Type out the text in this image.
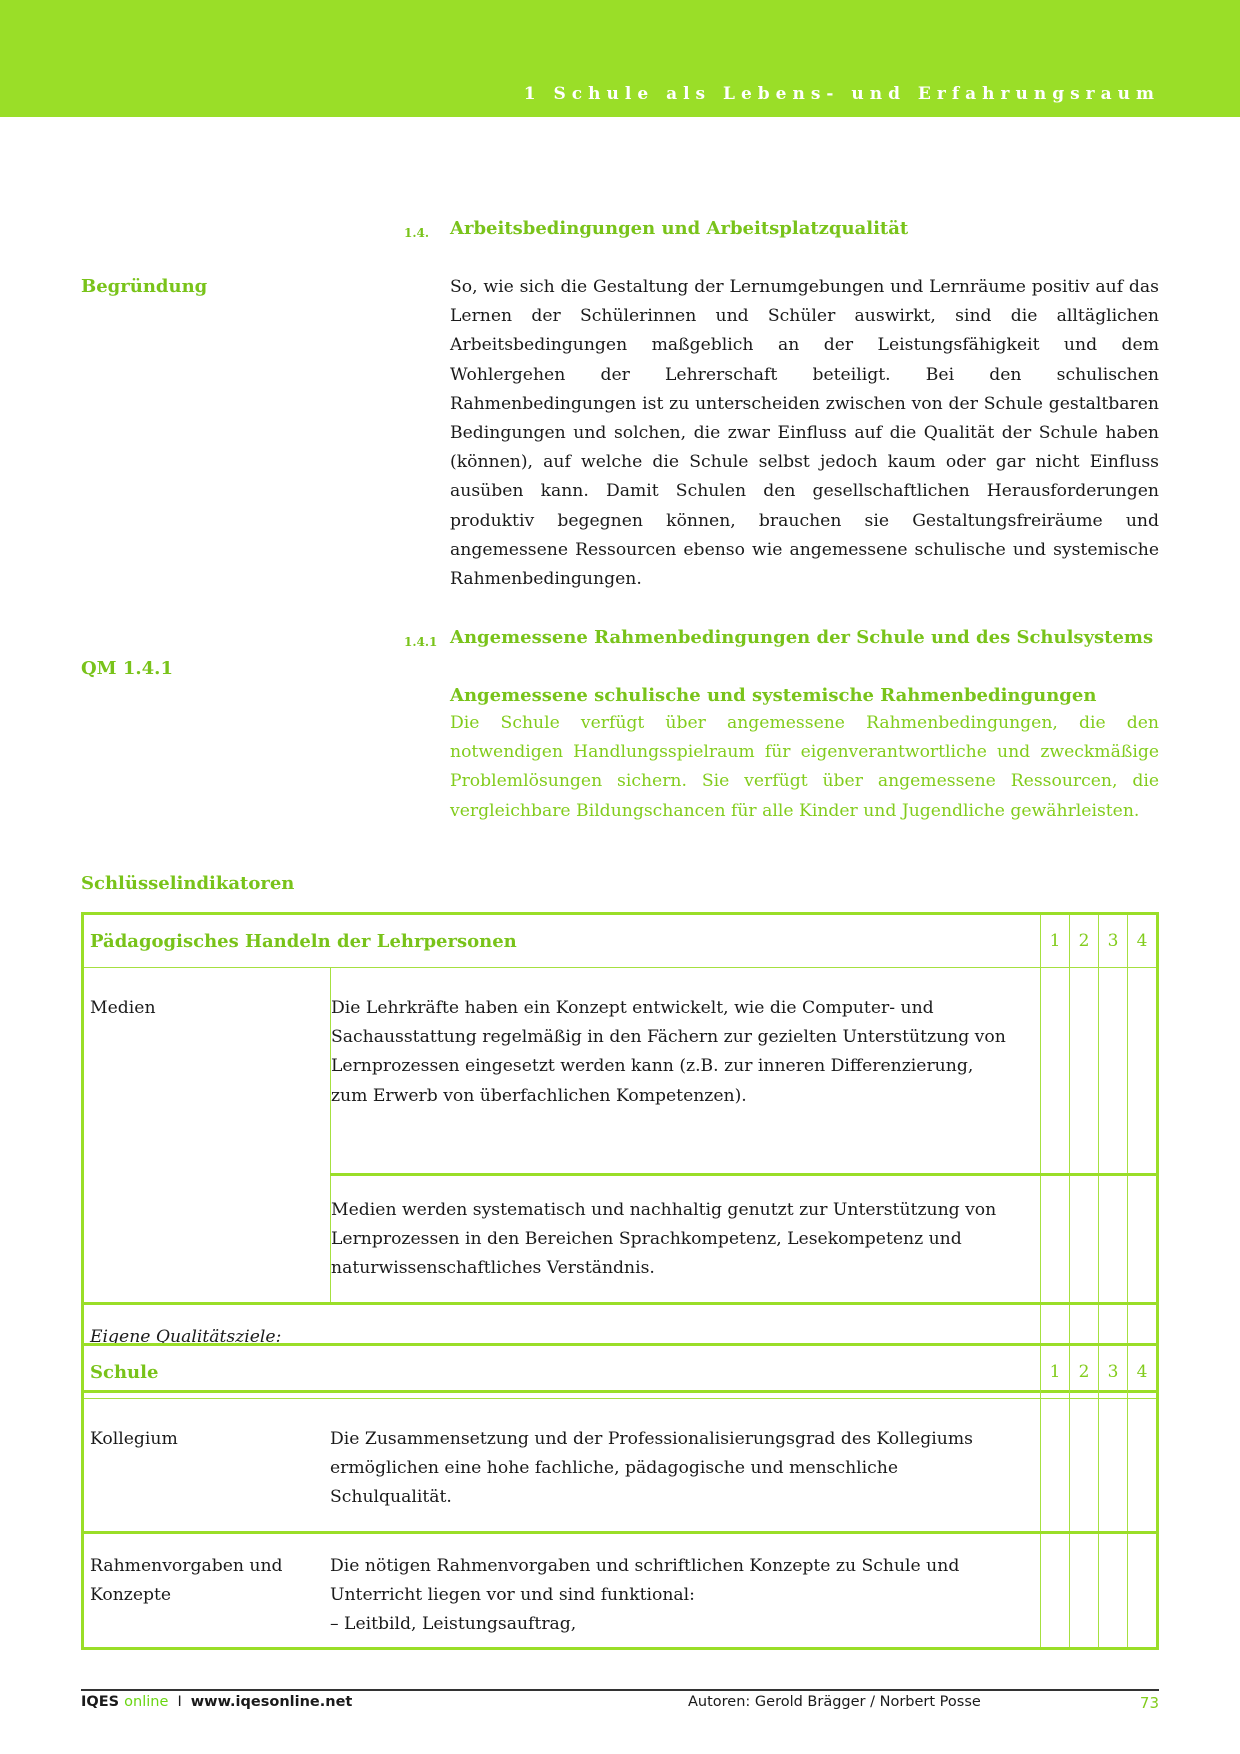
1 Schule als Lebens- und Erfahrungsraum
1.4. Arbeitsbedingungen und Arbeitsplatzqualität
Begründung	So, wie sich die Gestaltung der Lernumgebungen und Lernräume positiv auf das Lernen der Schülerinnen und Schüler auswirkt, sind die alltäglichen Arbeitsbedingungen maßgeblich an der Leistungsfähigkeit und dem Wohlergehen der Lehrerschaft beteiligt. Bei den schulischen Rahmenbedingungen ist zu unterscheiden zwischen von der Schule gestaltbaren Bedingungen und solchen, die zwar Einfluss auf die Qualität der Schule haben (können), auf welche die Schule selbst jedoch kaum oder gar nicht Einfluss ausüben kann. Damit Schulen den gesellschaftlichen Herausforderungen produktiv begegnen können, brauchen sie Gestaltungsfreiräume und angemessene Ressourcen ebenso wie angemessene schulische und systemische Rahmenbedingungen.
1.4.1 Angemessene Rahmenbedingungen der Schule und des Schulsystems
QM 1.4.1
Angemessene schulische und systemische Rahmenbedingungen
Die Schule verfügt über angemessene Rahmenbedingungen, die den notwendigen Handlungsspielraum für eigenverantwortliche und zweckmäßige Problemlösungen sichern. Sie verfügt über angemessene Ressourcen, die vergleichbare Bildungschancen für alle Kinder und Jugendliche gewährleisten.
Schlüsselindikatoren
Pädagogisches Handeln der Lehrpersonen		1	2	3	4
Medien	Die Lehrkräfte haben ein Konzept entwickelt, wie die Computer- und Sachausstattung regelmäßig in den Fächern zur gezielten Unterstützung von Lernprozessen eingesetzt werden kann (z.B. zur inneren Differenzierung, zum Erwerb von überfachlichen Kompetenzen).				
	Medien werden systematisch und nachhaltig genutzt zur Unterstützung von Lernprozessen in den Bereichen Sprachkompetenz, Lesekompetenz und naturwissenschaftliches Verständnis.				
Eigene Qualitätsziele:					
Schule		1	2	3	4
Kollegium	Die Zusammensetzung und der Professionalisierungsgrad des Kollegiums ermöglichen eine hohe fachliche, pädagogische und menschliche Schulqualität.				
Rahmenvorgaben und Konzepte	Die nötigen Rahmenvorgaben und schriftlichen Konzepte zu Schule und Unterricht liegen vor und sind funktional:
– Leitbild, Leistungsauftrag,				

IQES online I www.iqesonline.net	Autoren: Gerold Brägger / Norbert Posse	73
